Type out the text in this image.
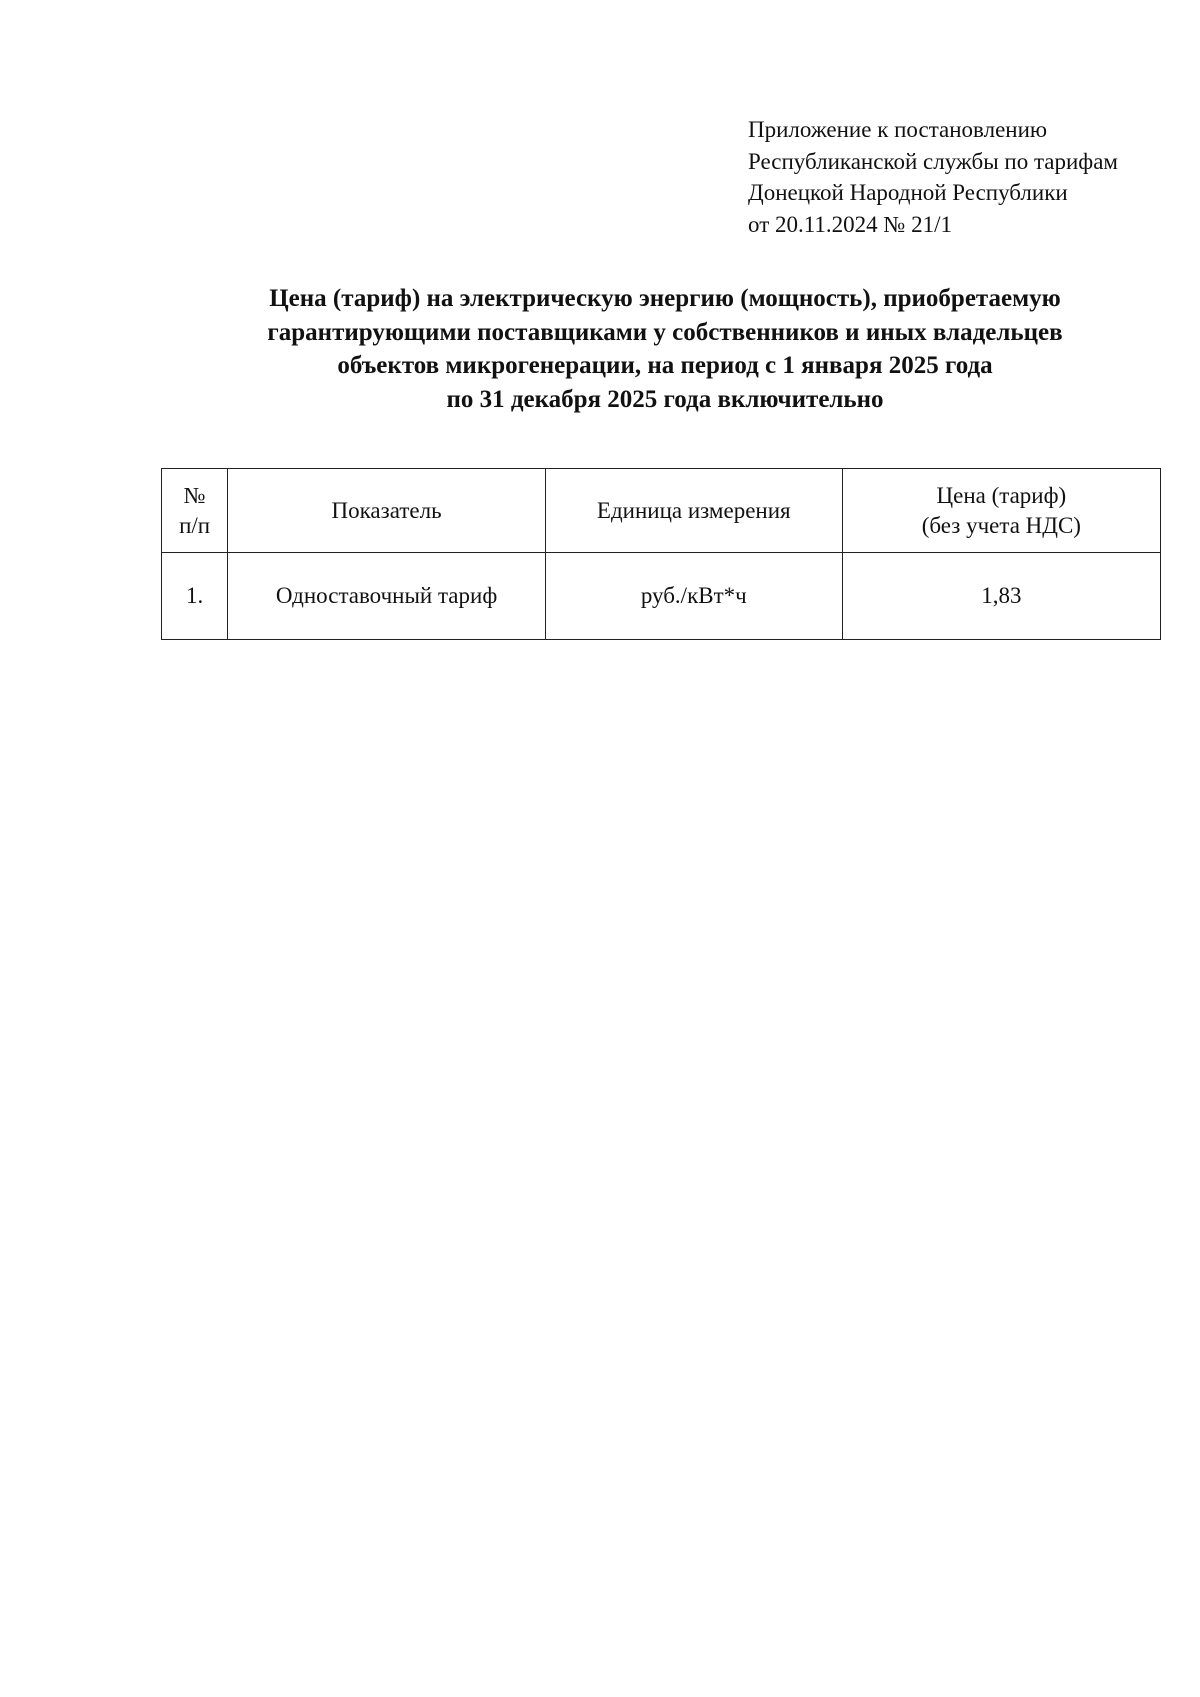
Приложение к постановлению
Республиканской службы по тарифам
Донецкой Народной Республики
от 20.11.2024 № 21/1
Цена (тариф) на электрическую энергию (мощность), приобретаемую
гарантирующими поставщиками у собственников и иных владельцев
объектов микрогенерации, на период с 1 января 2025 года
по 31 декабря 2025 года включительно
№
п/п	Показатель	Единица измерения	Цена (тариф)
(без учета НДС)

1.	Одноставочный тариф	руб./кВт*ч	1,83
